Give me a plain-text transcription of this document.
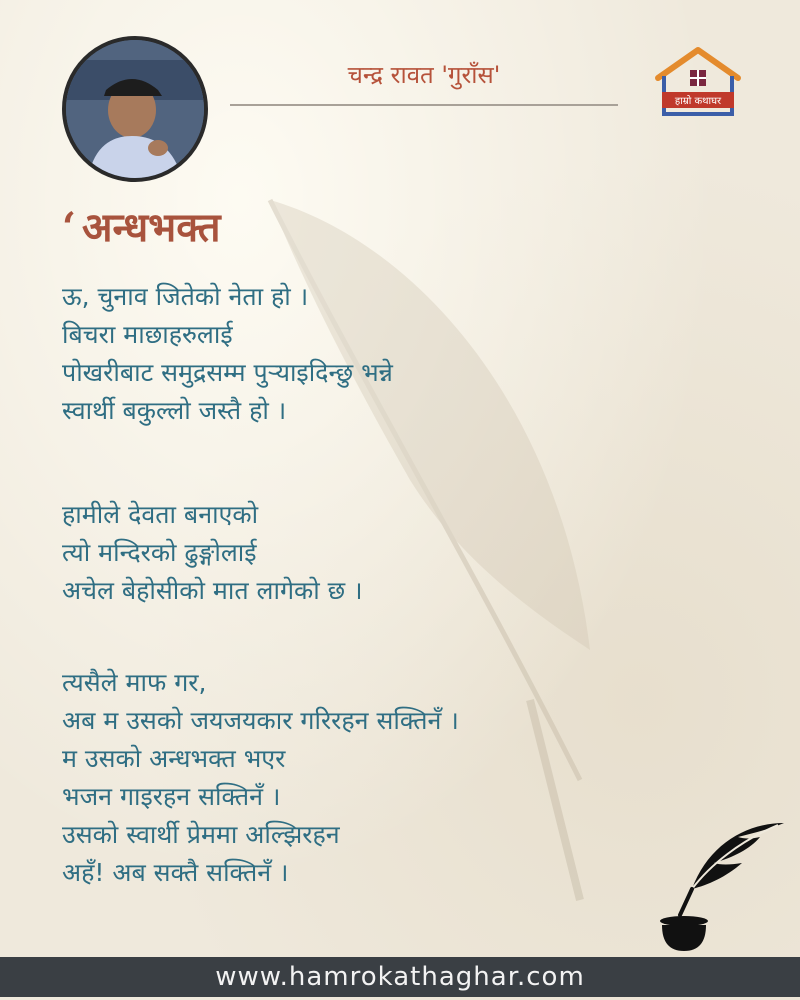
चन्द्र रावत 'गुराँस'
हाम्रो कथाघर
‘ अन्धभक्त
ऊ, चुनाव जितेको नेता हो ।
बिचरा माछाहरुलाई
पोखरीबाट समुद्रसम्म पुऱ्याइदिन्छु भन्ने
स्वार्थी बकुल्लो जस्तै हो ।
हामीले देवता बनाएको
त्यो मन्दिरको ढुङ्गोलाई
अचेल बेहोसीको मात लागेको छ ।
त्यसैले माफ गर,
अब म उसको जयजयकार गरिरहन सक्तिनँ ।
म उसको अन्धभक्त भएर
भजन गाइरहन सक्तिनँ ।
उसको स्वार्थी प्रेममा अल्झिरहन
अहँ! अब सक्तै सक्तिनँ ।
www.hamrokathaghar.com
